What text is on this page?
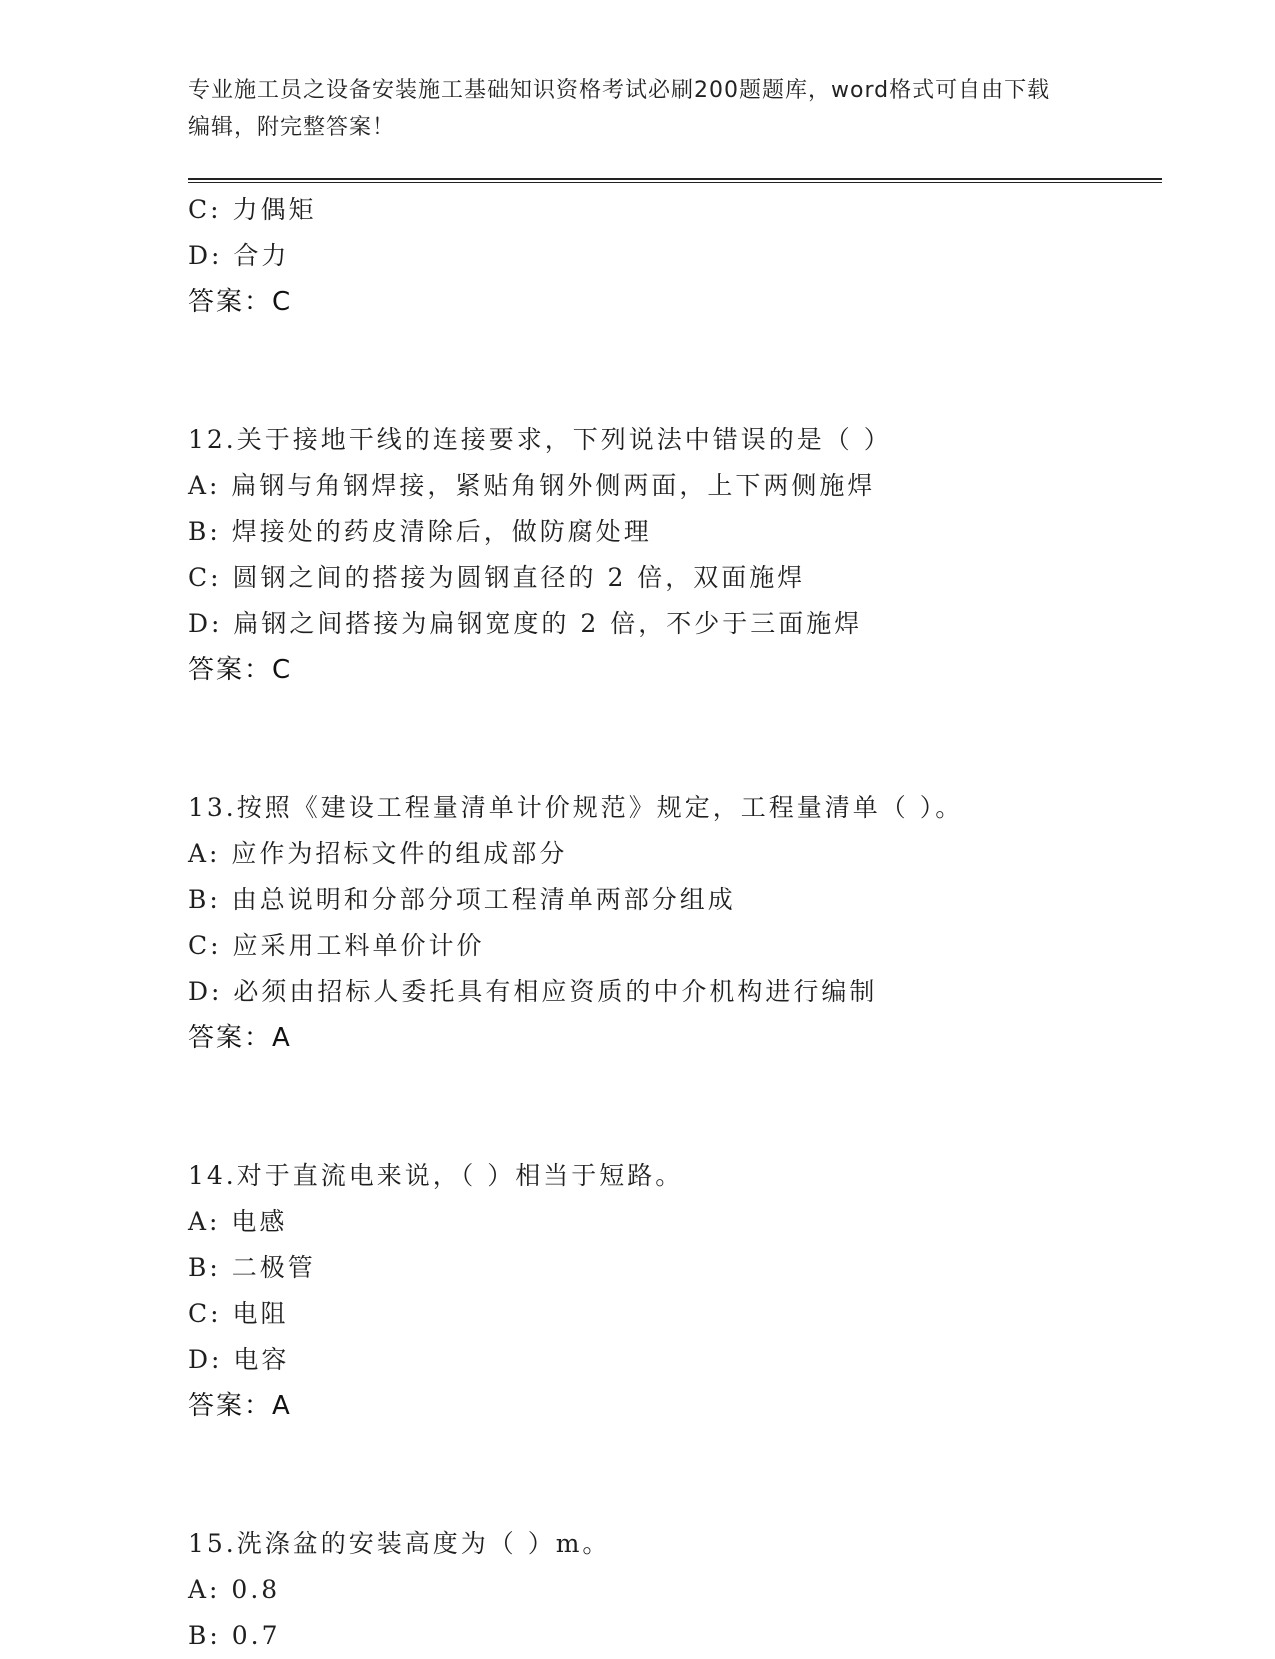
专业施工员之设备安装施工基础知识资格考试必刷200题题库，word格式可自由下载编辑，附完整答案！
C: 力偶矩
D: 合力
答案：C
12.关于接地干线的连接要求，下列说法中错误的是（ ）
A: 扁钢与角钢焊接，紧贴角钢外侧两面，上下两侧施焊
B: 焊接处的药皮清除后，做防腐处理
C: 圆钢之间的搭接为圆钢直径的 2 倍，双面施焊
D: 扁钢之间搭接为扁钢宽度的 2 倍，不少于三面施焊
答案：C
13.按照《建设工程量清单计价规范》规定，工程量清单（ ）。
A: 应作为招标文件的组成部分
B: 由总说明和分部分项工程清单两部分组成
C: 应采用工料单价计价
D: 必须由招标人委托具有相应资质的中介机构进行编制
答案：A
14.对于直流电来说，（ ）相当于短路。
A: 电感
B: 二极管
C: 电阻
D: 电容
答案：A
15.洗涤盆的安装高度为（ ）m。
A: 0.8
B: 0.7
